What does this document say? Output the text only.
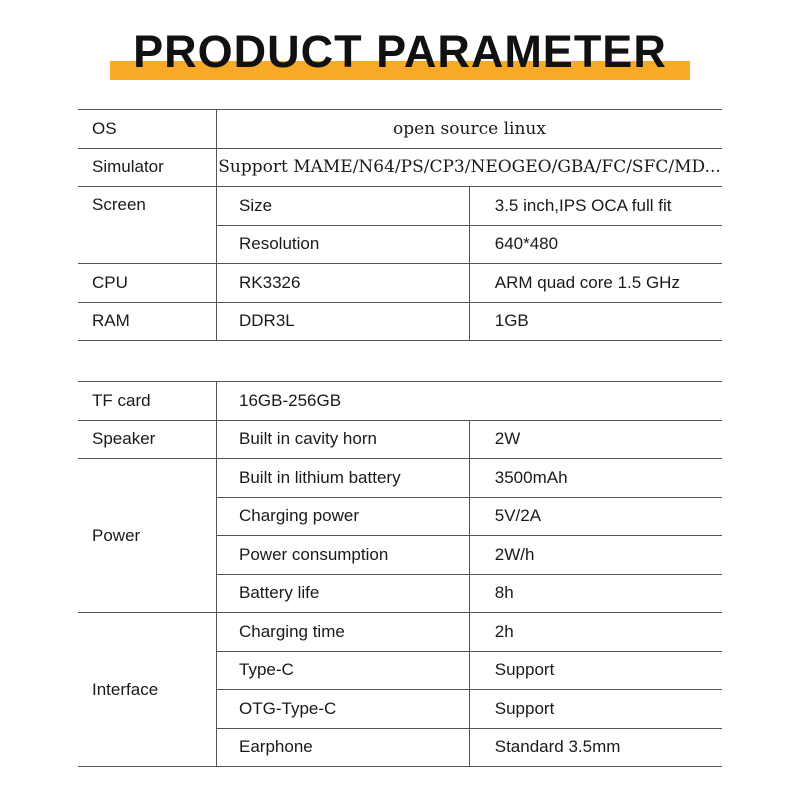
PRODUCT PARAMETER
OS	open source linux	
Simulator	Support MAME/N64/PS/CP3/NEOGEO/GBA/FC/SFC/MD...	
Screen	Size	3.5 inch,IPS OCA full fit
	Resolution	640*480
CPU	RK3326	ARM quad core 1.5 GHz
RAM	DDR3L	1GB
TF card	16GB-256GB	
Speaker	Built in cavity horn	2W
Power	Built in lithium battery	3500mAh
	Charging power	5V/2A
	Power consumption	2W/h
	Battery life	8h
Interface	Charging time	2h
	Type-C	Support
	OTG-Type-C	Support
	Earphone	Standard 3.5mm
